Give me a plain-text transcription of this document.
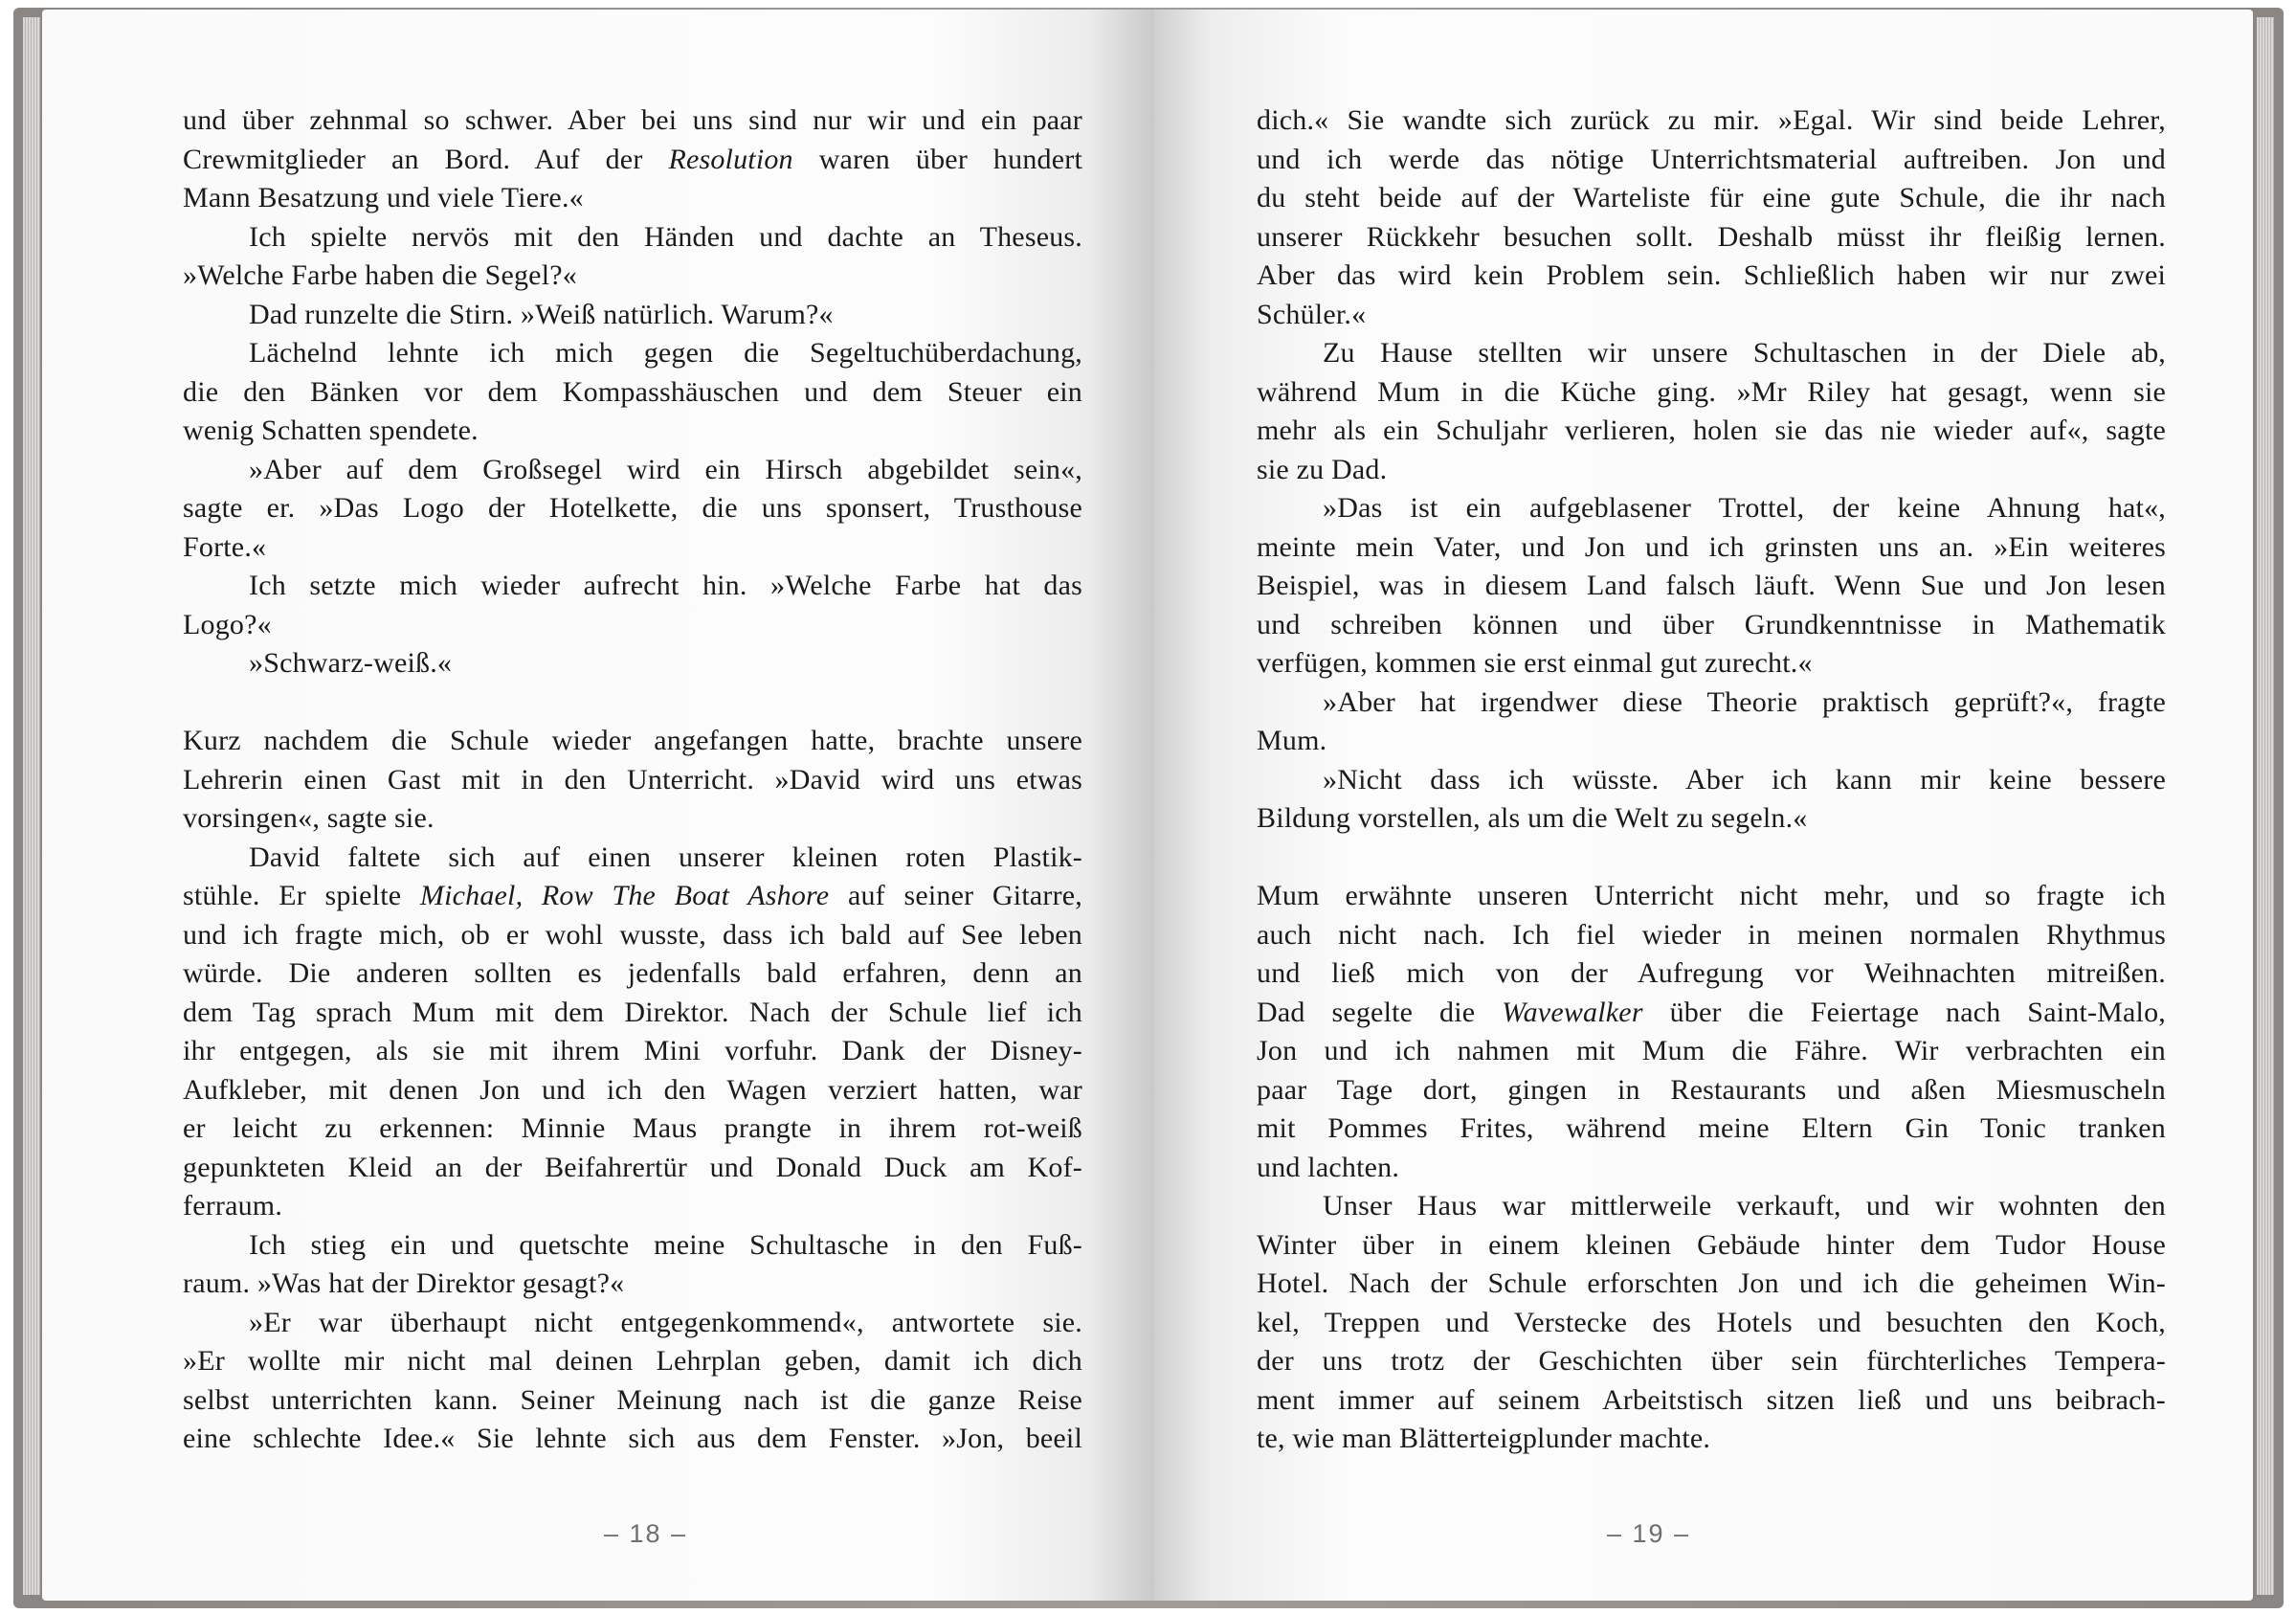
und über zehnmal so schwer. Aber bei uns sind nur wir und ein paar
Crewmitglieder an Bord. Auf der Resolution waren über hundert
Mann Besatzung und viele Tiere.«
Ich spielte nervös mit den Händen und dachte an Theseus.
»Welche Farbe haben die Segel?«
Dad runzelte die Stirn. »Weiß natürlich. Warum?«
Lächelnd lehnte ich mich gegen die Segeltuchüberdachung,
die den Bänken vor dem Kompasshäuschen und dem Steuer ein
wenig Schatten spendete.
»Aber auf dem Großsegel wird ein Hirsch abgebildet sein«,
sagte er. »Das Logo der Hotelkette, die uns sponsert, Trusthouse
Forte.«
Ich setzte mich wieder aufrecht hin. »Welche Farbe hat das
Logo?«
»Schwarz-weiß.«
Kurz nachdem die Schule wieder angefangen hatte, brachte unsere
Lehrerin einen Gast mit in den Unterricht. »David wird uns etwas
vorsingen«, sagte sie.
David faltete sich auf einen unserer kleinen roten Plastik-
stühle. Er spielte Michael, Row The Boat Ashore auf seiner Gitarre,
und ich fragte mich, ob er wohl wusste, dass ich bald auf See leben
würde. Die anderen sollten es jedenfalls bald erfahren, denn an
dem Tag sprach Mum mit dem Direktor. Nach der Schule lief ich
ihr entgegen, als sie mit ihrem Mini vorfuhr. Dank der Disney-
Aufkleber, mit denen Jon und ich den Wagen verziert hatten, war
er leicht zu erkennen: Minnie Maus prangte in ihrem rot-weiß
gepunkteten Kleid an der Beifahrertür und Donald Duck am Kof-
ferraum.
Ich stieg ein und quetschte meine Schultasche in den Fuß-
raum. »Was hat der Direktor gesagt?«
»Er war überhaupt nicht entgegenkommend«, antwortete sie.
»Er wollte mir nicht mal deinen Lehrplan geben, damit ich dich
selbst unterrichten kann. Seiner Meinung nach ist die ganze Reise
eine schlechte Idee.« Sie lehnte sich aus dem Fenster. »Jon, beeil
– 18 –
dich.« Sie wandte sich zurück zu mir. »Egal. Wir sind beide Lehrer,
und ich werde das nötige Unterrichtsmaterial auftreiben. Jon und
du steht beide auf der Warteliste für eine gute Schule, die ihr nach
unserer Rückkehr besuchen sollt. Deshalb müsst ihr fleißig lernen.
Aber das wird kein Problem sein. Schließlich haben wir nur zwei
Schüler.«
Zu Hause stellten wir unsere Schultaschen in der Diele ab,
während Mum in die Küche ging. »Mr Riley hat gesagt, wenn sie
mehr als ein Schuljahr verlieren, holen sie das nie wieder auf«, sagte
sie zu Dad.
»Das ist ein aufgeblasener Trottel, der keine Ahnung hat«,
meinte mein Vater, und Jon und ich grinsten uns an. »Ein weiteres
Beispiel, was in diesem Land falsch läuft. Wenn Sue und Jon lesen
und schreiben können und über Grundkenntnisse in Mathematik
verfügen, kommen sie erst einmal gut zurecht.«
»Aber hat irgendwer diese Theorie praktisch geprüft?«, fragte
Mum.
»Nicht dass ich wüsste. Aber ich kann mir keine bessere
Bildung vorstellen, als um die Welt zu segeln.«
Mum erwähnte unseren Unterricht nicht mehr, und so fragte ich
auch nicht nach. Ich fiel wieder in meinen normalen Rhythmus
und ließ mich von der Aufregung vor Weihnachten mitreißen.
Dad segelte die Wavewalker über die Feiertage nach Saint-Malo,
Jon und ich nahmen mit Mum die Fähre. Wir verbrachten ein
paar Tage dort, gingen in Restaurants und aßen Miesmuscheln
mit Pommes Frites, während meine Eltern Gin Tonic tranken
und lachten.
Unser Haus war mittlerweile verkauft, und wir wohnten den
Winter über in einem kleinen Gebäude hinter dem Tudor House
Hotel. Nach der Schule erforschten Jon und ich die geheimen Win-
kel, Treppen und Verstecke des Hotels und besuchten den Koch,
der uns trotz der Geschichten über sein fürchterliches Tempera-
ment immer auf seinem Arbeitstisch sitzen ließ und uns beibrach-
te, wie man Blätterteigplunder machte.
– 19 –
